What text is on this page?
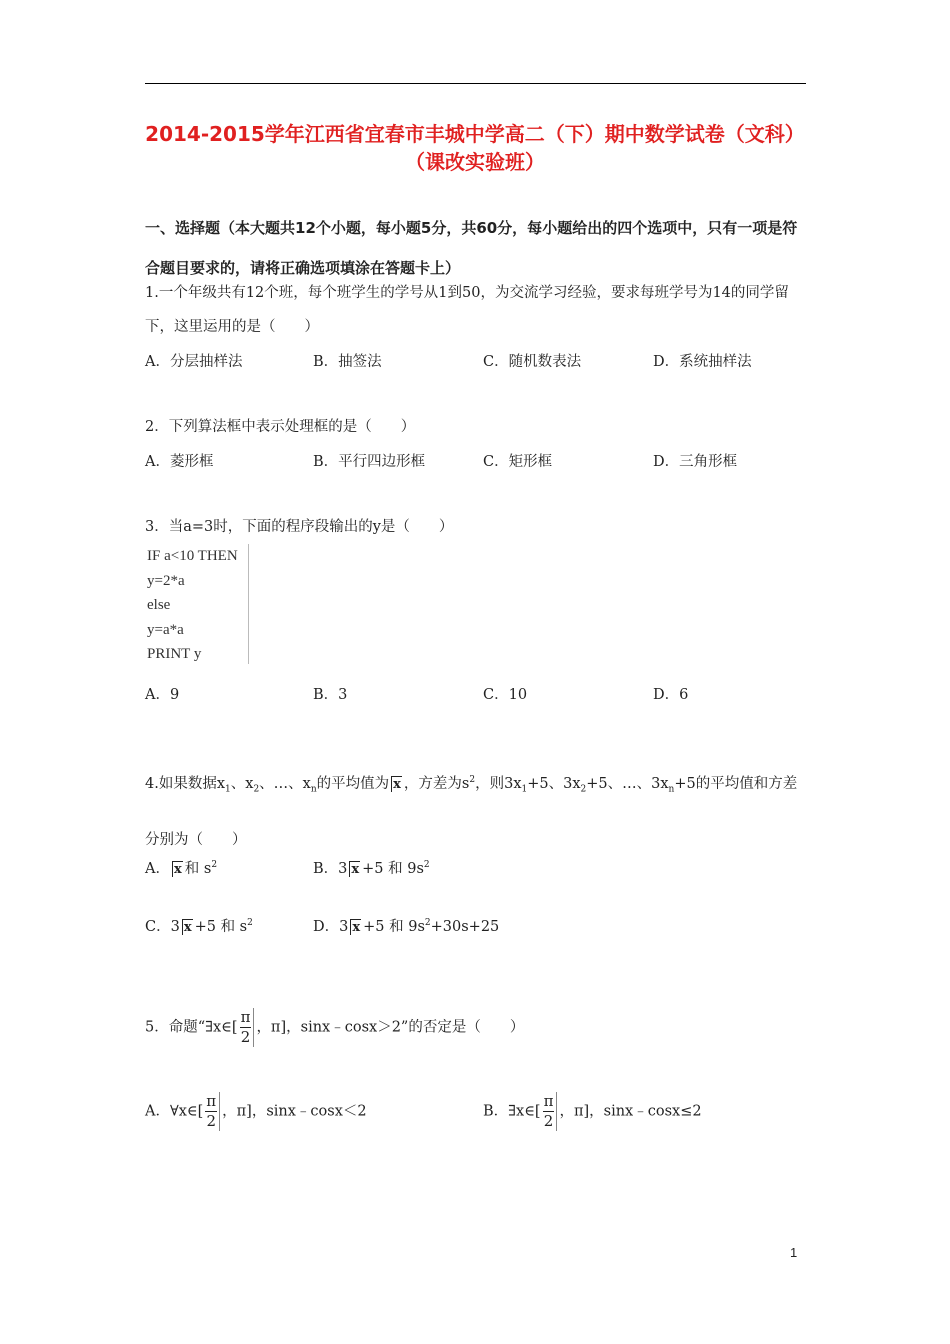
2014-2015学年江西省宜春市丰城中学高二（下）期中数学试卷（文科）（课改实验班）
一、选择题（本大题共12个小题，每小题5分，共60分，每小题给出的四个选项中，只有一项是符合题目要求的，请将正确选项填涂在答题卡上）
1.一个年级共有12个班，每个班学生的学号从1到50，为交流学习经验，要求每班学号为14的同学留下，这里运用的是（　　）
A．分层抽样法	B．抽签法	C．随机数表法	D．系统抽样法
2．下列算法框中表示处理框的是（　　）
A．菱形框	B．平行四边形框	C．矩形框	D．三角形框
3．当a=3时，下面的程序段输出的y是（　　）
IF a<10 THEN
y=2*a
else
y=a*a
PRINT y
A．9	B．3	C．10	D．6
4.如果数据$x_1$、$x_2$、…、$x_n$的平均值为 x ，方差为$s^2$，则$3x_1+5$、$3x_2+5$、…、$3x_n+5$的平均值和方差分别为（　　）
A． x 和 $s^2$	B．3 x +5 和 $9s^2$
C．3 x +5 和 $s^2$	D．3 x +5 和 $9s^2+30s+25$
5．命题“∃x∈[ $\frac{\pi}{2}$ ，π]，sinx﹣cosx＞2”的否定是（　　）
A．∀x∈[ $\frac{\pi}{2}$ ，π]，sinx﹣cosx＜2	B．∃x∈[ $\frac{\pi}{2}$ ，π]，sinx﹣cosx≤2
1
